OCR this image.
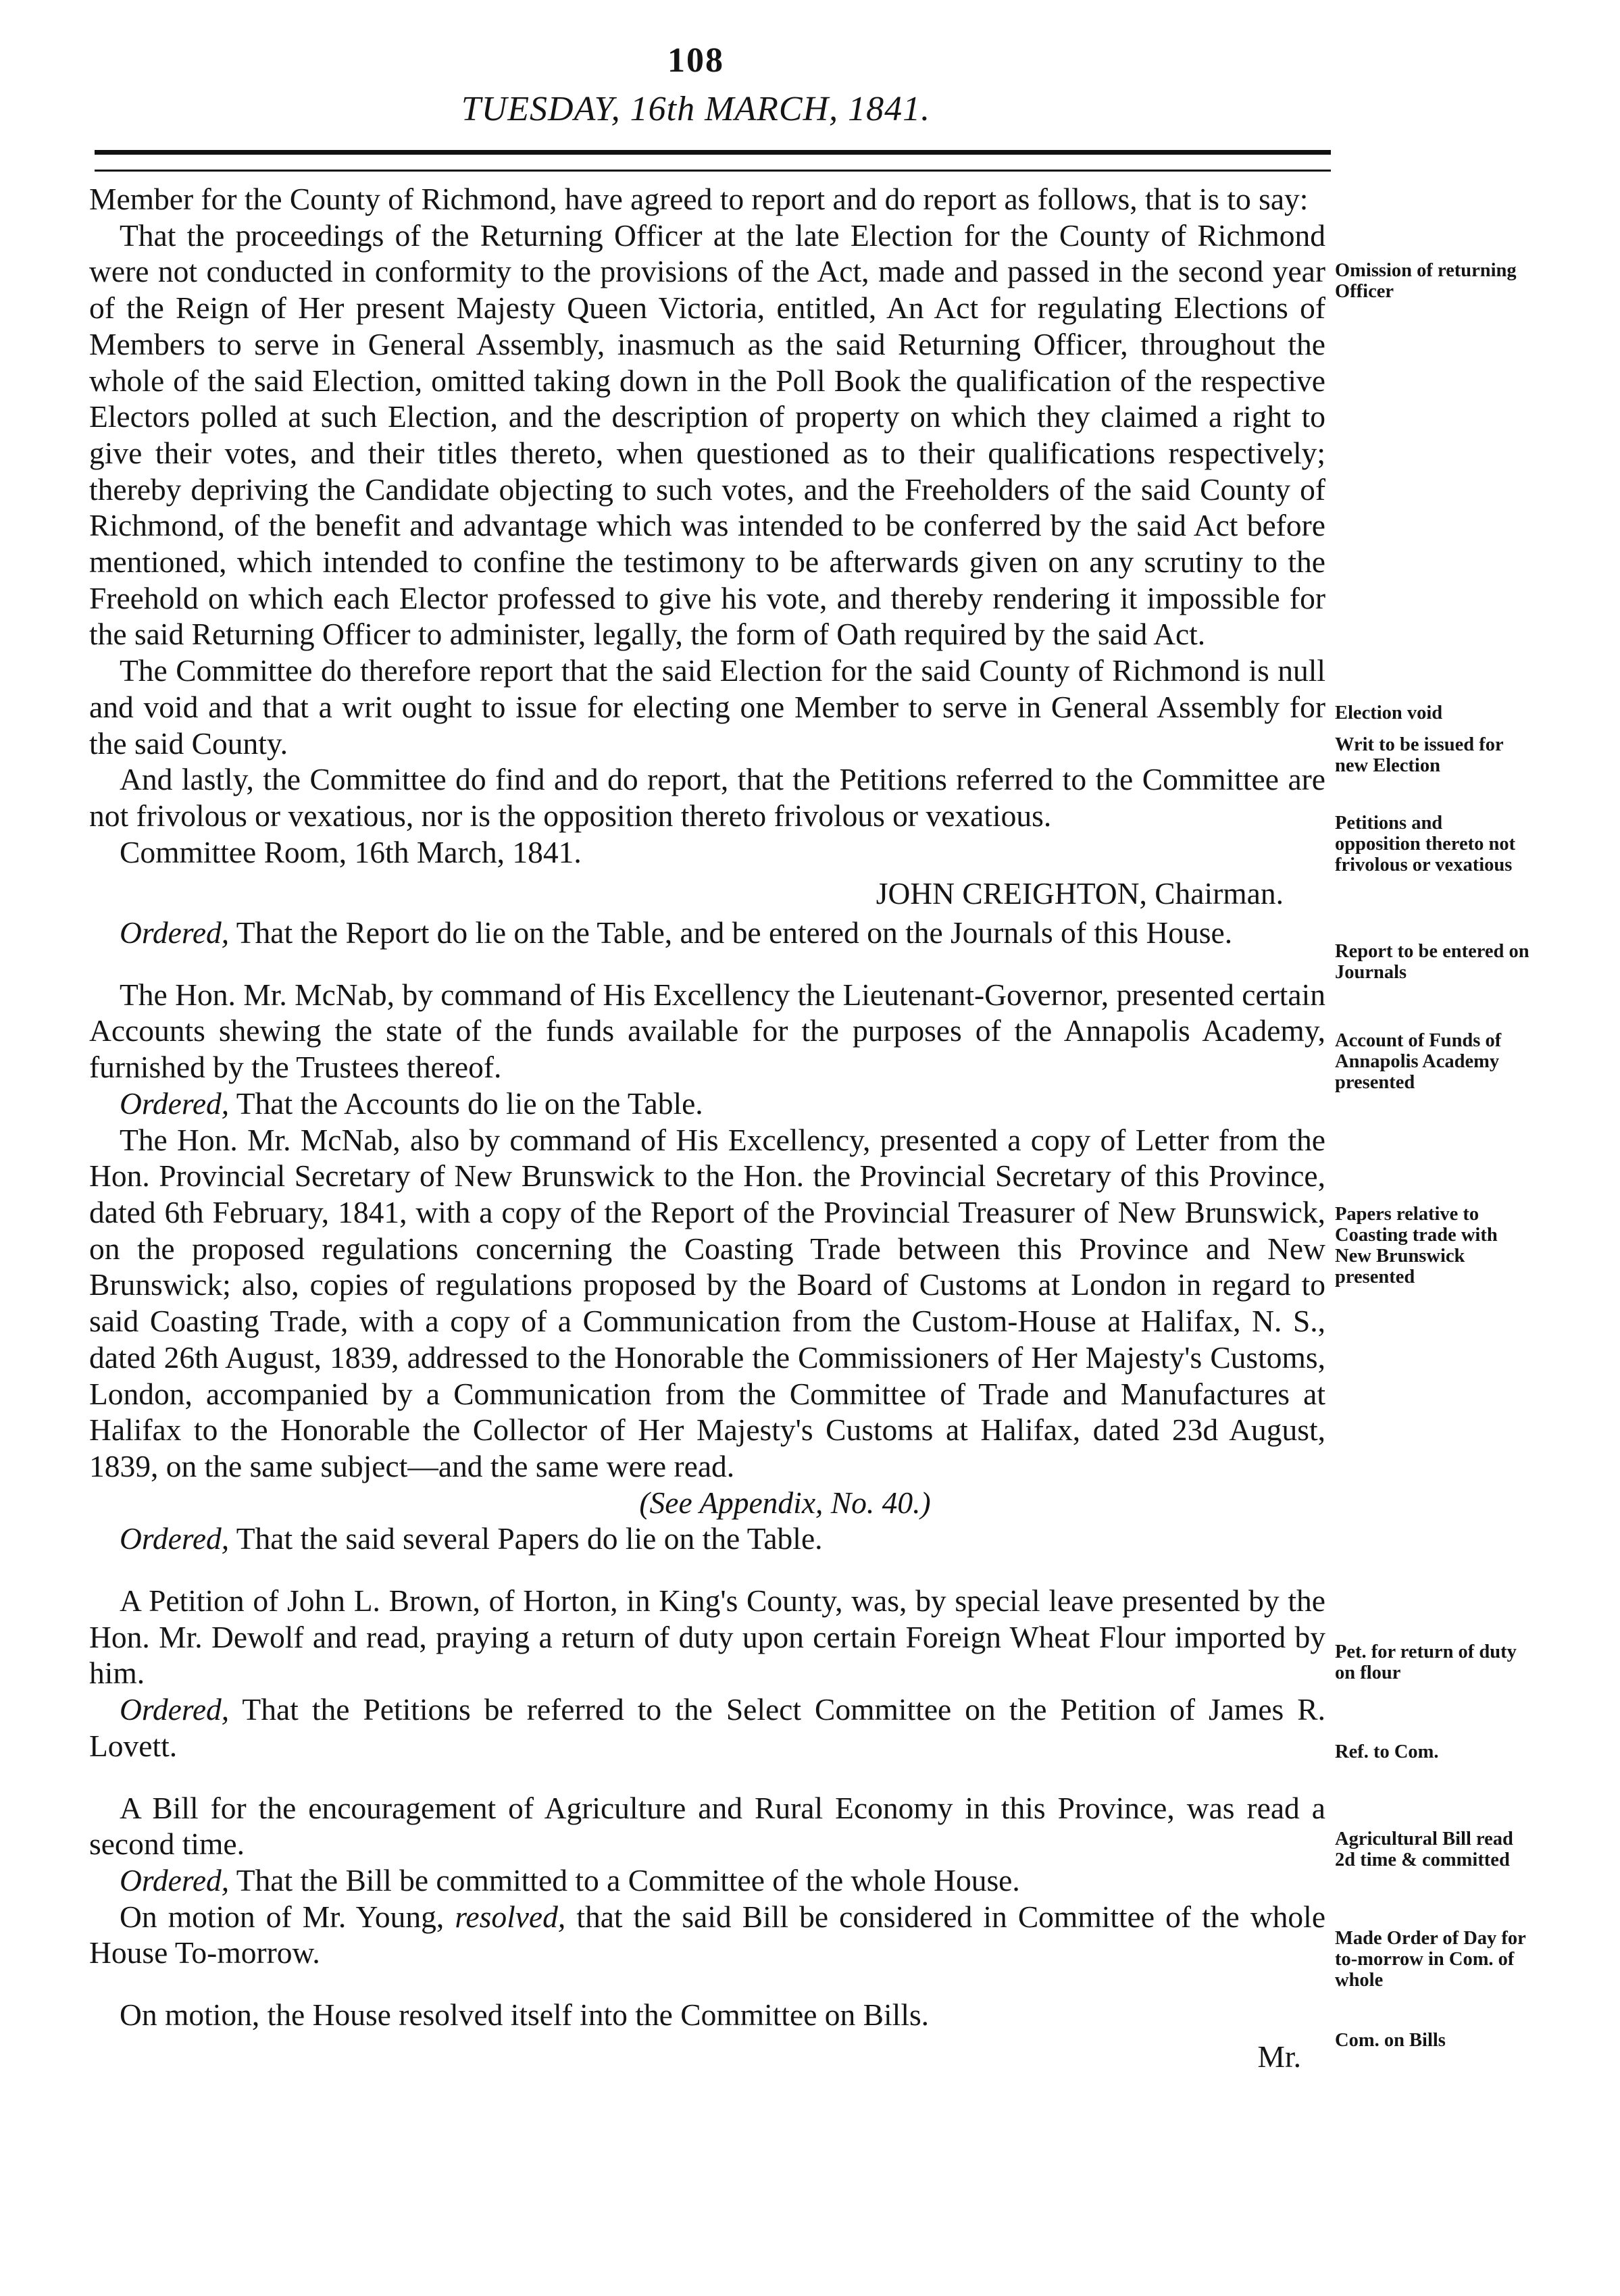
108
TUESDAY, 16th MARCH, 1841.

Member for the County of Richmond, have agreed to report and do report as follows, that is to say:

That the proceedings of the Returning Officer at the late Election for the County of Richmond were not conducted in conformity to the provisions of the Act, made and passed in the second year of the Reign of Her present Majesty Queen Victoria, entitled, An Act for regulating Elections of Members to serve in General Assembly, inasmuch as the said Returning Officer, throughout the whole of the said Election, omitted taking down in the Poll Book the qualification of the respective Electors polled at such Election, and the description of property on which they claimed a right to give their votes, and their titles thereto, when questioned as to their qualifications respectively; thereby depriving the Candidate objecting to such votes, and the Freeholders of the said County of Richmond, of the benefit and advantage which was intended to be conferred by the said Act before mentioned, which intended to confine the testimony to be afterwards given on any scrutiny to the Freehold on which each Elector professed to give his vote, and thereby rendering it impossible for the said Returning Officer to administer, legally, the form of Oath required by the said Act.

The Committee do therefore report that the said Election for the said County of Richmond is null and void and that a writ ought to issue for electing one Member to serve in General Assembly for the said County.

And lastly, the Committee do find and do report, that the Petitions referred to the Committee are not frivolous or vexatious, nor is the opposition thereto frivolous or vexatious.

Committee Room, 16th March, 1841.

JOHN CREIGHTON, Chairman.

Ordered, That the Report do lie on the Table, and be entered on the Journals of this House.

The Hon. Mr. McNab, by command of His Excellency the Lieutenant-Governor, presented certain Accounts shewing the state of the funds available for the purposes of the Annapolis Academy, furnished by the Trustees thereof.

Ordered, That the Accounts do lie on the Table.

The Hon. Mr. McNab, also by command of His Excellency, presented a copy of Letter from the Hon. Provincial Secretary of New Brunswick to the Hon. the Provincial Secretary of this Province, dated 6th February, 1841, with a copy of the Report of the Provincial Treasurer of New Brunswick, on the proposed regulations concerning the Coasting Trade between this Province and New Brunswick; also, copies of regulations proposed by the Board of Customs at London in regard to said Coasting Trade, with a copy of a Communication from the Custom-House at Halifax, N. S., dated 26th August, 1839, addressed to the Honorable the Commissioners of Her Majesty's Customs, London, accompanied by a Communication from the Committee of Trade and Manufactures at Halifax to the Honorable the Collector of Her Majesty's Customs at Halifax, dated 23d August, 1839, on the same subject—and the same were read.

(See Appendix, No. 40.)

Ordered, That the said several Papers do lie on the Table.

A Petition of John L. Brown, of Horton, in King's County, was, by special leave presented by the Hon. Mr. Dewolf and read, praying a return of duty upon certain Foreign Wheat Flour imported by him.

Ordered, That the Petitions be referred to the Select Committee on the Petition of James R. Lovett.

A Bill for the encouragement of Agriculture and Rural Economy in this Province, was read a second time.

Ordered, That the Bill be committed to a Committee of the whole House.

On motion of Mr. Young, resolved, that the said Bill be considered in Committee of the whole House To-morrow.

On motion, the House resolved itself into the Committee on Bills.

Mr.

Omission of returning Officer
Election void
Writ to be issued for new Election
Petitions and opposition thereto not frivolous or vexatious
Report to be entered on Journals
Account of Funds of Annapolis Academy presented
Papers relative to Coasting trade with New Brunswick presented
Pet. for return of duty on flour
Ref. to Com.
Agricultural Bill read 2d time & committed
Made Order of Day for to-morrow in Com. of whole
Com. on Bills
